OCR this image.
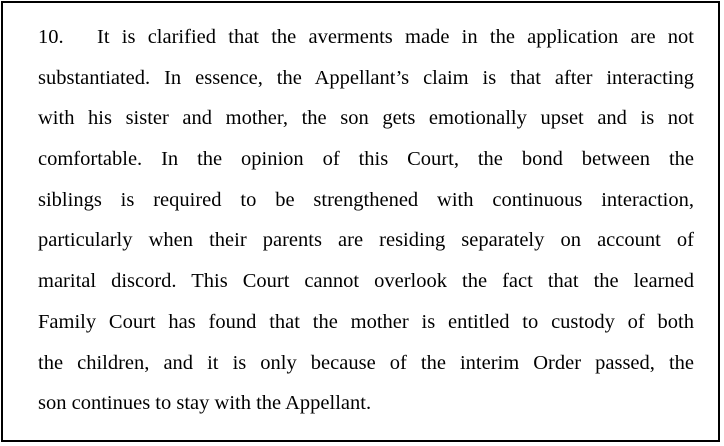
10. It is clarified that the averments made in the application are not
substantiated. In essence, the Appellant’s claim is that after interacting
with his sister and mother, the son gets emotionally upset and is not
comfortable. In the opinion of this Court, the bond between the
siblings is required to be strengthened with continuous interaction,
particularly when their parents are residing separately on account of
marital discord. This Court cannot overlook the fact that the learned
Family Court has found that the mother is entitled to custody of both
the children, and it is only because of the interim Order passed, the
son continues to stay with the Appellant.
